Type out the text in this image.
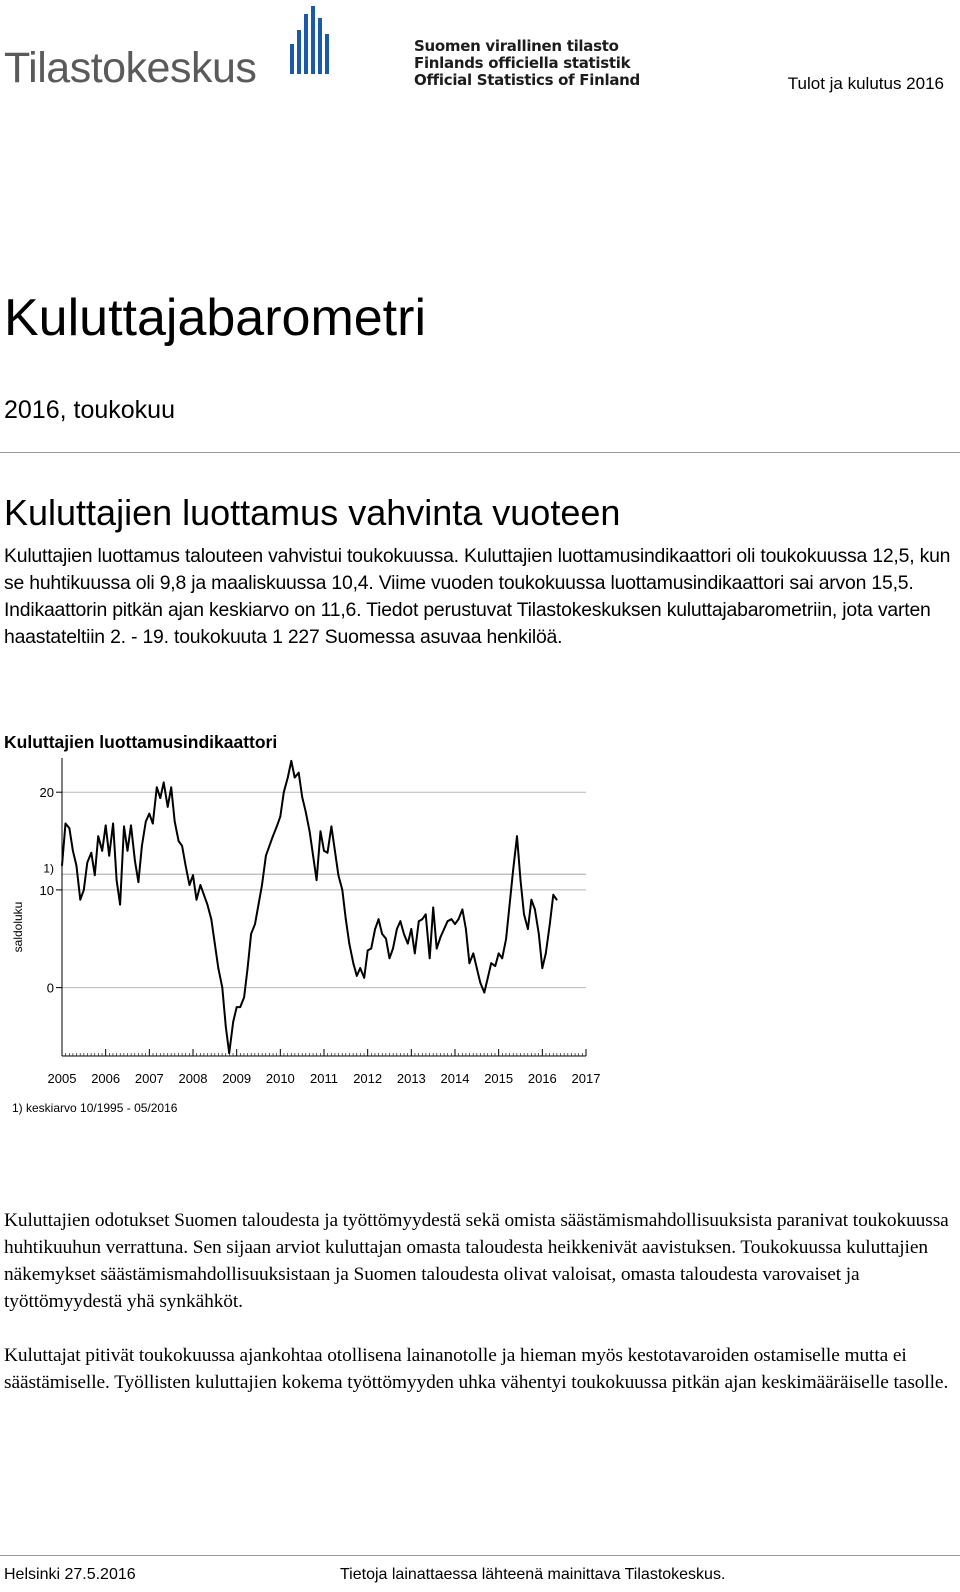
Tilastokeskus	Suomen virallinen tilasto
Finlands officiella statistik
Official Statistics of Finland	Tulot ja kulutus 2016
Kuluttajabarometri
2016, toukokuu
Kuluttajien luottamus vahvinta vuoteen
Kuluttajien luottamus talouteen vahvistui toukokuussa. Kuluttajien luottamusindikaattori oli toukokuussa 12,5, kun se huhtikuussa oli 9,8 ja maaliskuussa 10,4. Viime vuoden toukokuussa luottamusindikaattori sai arvon 15,5. Indikaattorin pitkän ajan keskiarvo on 11,6. Tiedot perustuvat Tilastokeskuksen kuluttajabarometriin, jota varten haastateltiin 2. - 19. toukokuuta 1 227 Suomessa asuvaa henkilöä.
Kuluttajien luottamusindikaattori
0
10
20
1)
2005 2006 2007 2008 2009 2010 2011 2012 2013 2014 2015 2016 2017
saldoluku
1) keskiarvo 10/1995 - 05/2016
Kuluttajien odotukset Suomen taloudesta ja työttömyydestä sekä omista säästämismahdollisuuksista paranivat toukokuussa huhtikuuhun verrattuna. Sen sijaan arviot kuluttajan omasta taloudesta heikkenivät aavistuksen. Toukokuussa kuluttajien näkemykset säästämismahdollisuuksistaan ja Suomen taloudesta olivat valoisat, omasta taloudesta varovaiset ja työttömyydestä yhä synkähköt.
Kuluttajat pitivät toukokuussa ajankohtaa otollisena lainanotolle ja hieman myös kestotavaroiden ostamiselle mutta ei säästämiselle. Työllisten kuluttajien kokema työttömyyden uhka vähentyi toukokuussa pitkän ajan keskimääräiselle tasolle.
Helsinki 27.5.2016	Tietoja lainattaessa lähteenä mainittava Tilastokeskus.
